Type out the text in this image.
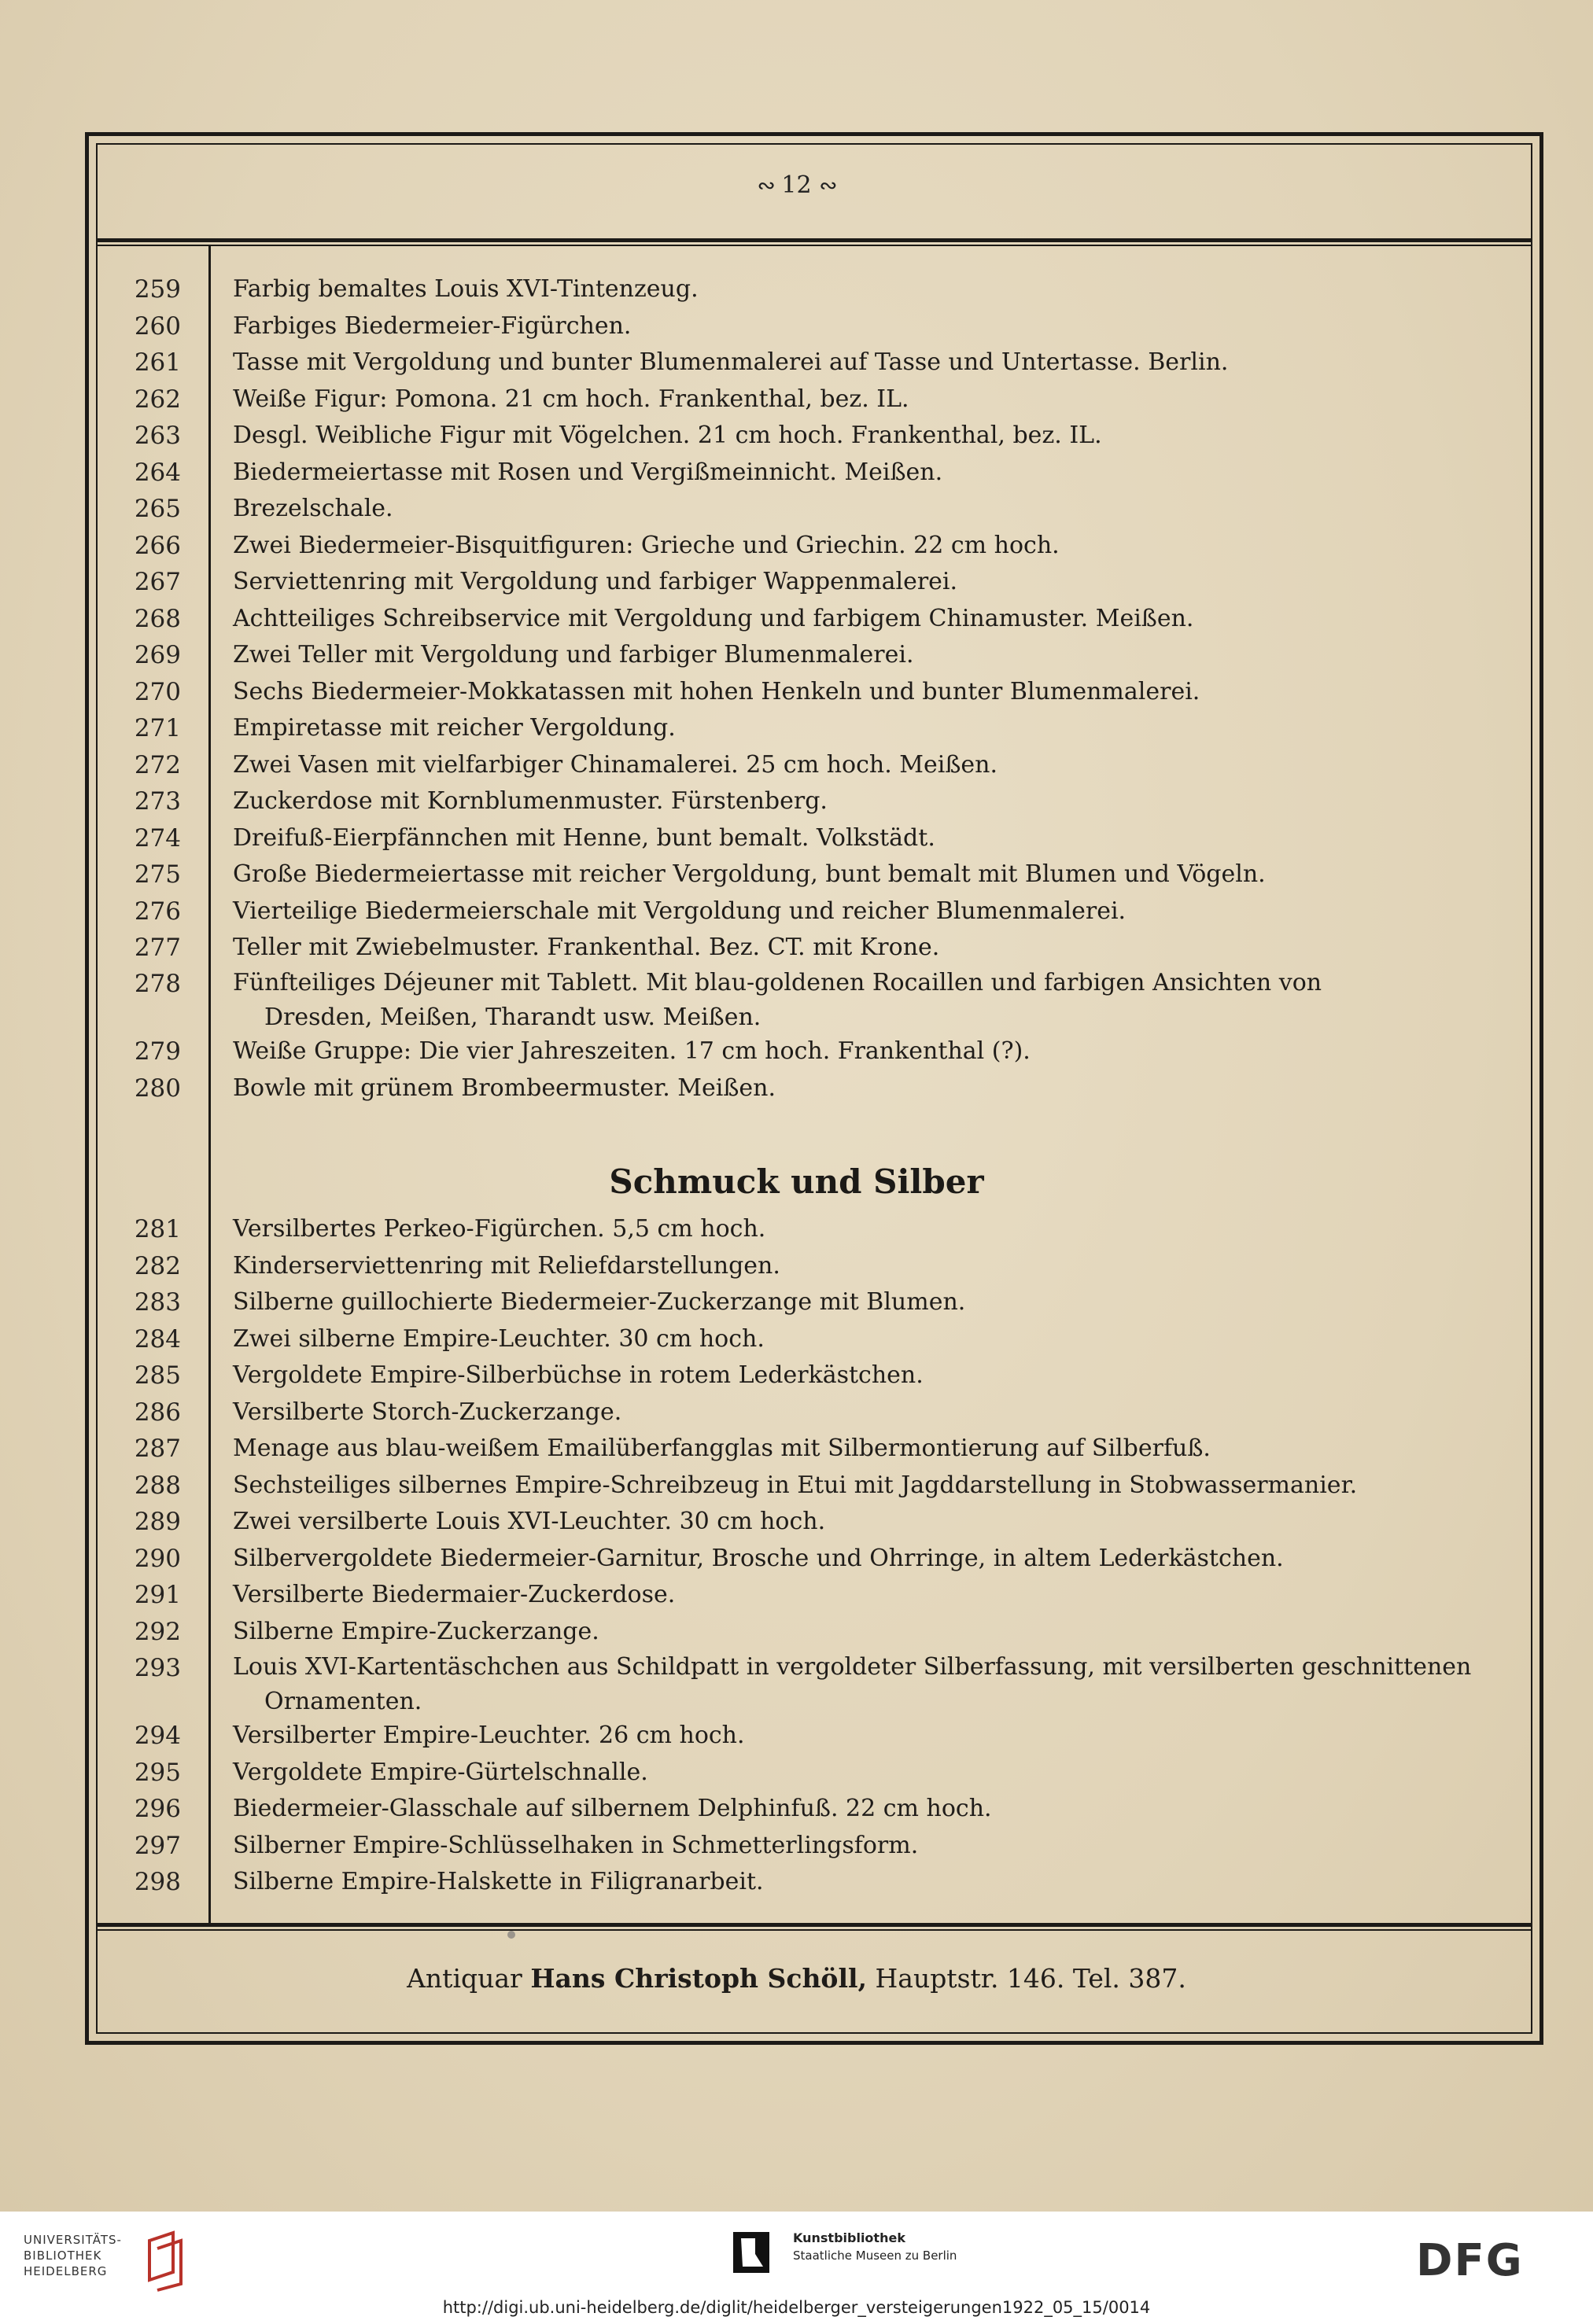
∾ 12 ∾
259 Farbig bemaltes Louis XVI-Tintenzeug.
260 Farbiges Biedermeier-Figürchen.
261 Tasse mit Vergoldung und bunter Blumenmalerei auf Tasse und Untertasse. Berlin.
262 Weiße Figur: Pomona. 21 cm hoch. Frankenthal, bez. IL.
263 Desgl. Weibliche Figur mit Vögelchen. 21 cm hoch. Frankenthal, bez. IL.
264 Biedermeiertasse mit Rosen und Vergißmeinnicht. Meißen.
265 Brezelschale.
266 Zwei Biedermeier-Bisquitfiguren: Grieche und Griechin. 22 cm hoch.
267 Serviettenring mit Vergoldung und farbiger Wappenmalerei.
268 Achtteiliges Schreibservice mit Vergoldung und farbigem Chinamuster. Meißen.
269 Zwei Teller mit Vergoldung und farbiger Blumenmalerei.
270 Sechs Biedermeier-Mokkatassen mit hohen Henkeln und bunter Blumenmalerei.
271 Empiretasse mit reicher Vergoldung.
272 Zwei Vasen mit vielfarbiger Chinamalerei. 25 cm hoch. Meißen.
273 Zuckerdose mit Kornblumenmuster. Fürstenberg.
274 Dreifuß-Eierpfännchen mit Henne, bunt bemalt. Volkstädt.
275 Große Biedermeiertasse mit reicher Vergoldung, bunt bemalt mit Blumen und Vögeln.
276 Vierteilige Biedermeierschale mit Vergoldung und reicher Blumenmalerei.
277 Teller mit Zwiebelmuster. Frankenthal. Bez. CT. mit Krone.
278 Fünfteiliges Déjeuner mit Tablett. Mit blau-goldenen Rocaillen und farbigen Ansichten von
Dresden, Meißen, Tharandt usw. Meißen.
279 Weiße Gruppe: Die vier Jahreszeiten. 17 cm hoch. Frankenthal (?).
280 Bowle mit grünem Brombeermuster. Meißen.
Schmuck und Silber
281 Versilbertes Perkeo-Figürchen. 5,5 cm hoch.
282 Kinderserviettenring mit Reliefdarstellungen.
283 Silberne guillochierte Biedermeier-Zuckerzange mit Blumen.
284 Zwei silberne Empire-Leuchter. 30 cm hoch.
285 Vergoldete Empire-Silberbüchse in rotem Lederkästchen.
286 Versilberte Storch-Zuckerzange.
287 Menage aus blau-weißem Emailüberfangglas mit Silbermontierung auf Silberfuß.
288 Sechsteiliges silbernes Empire-Schreibzeug in Etui mit Jagddarstellung in Stobwassermanier.
289 Zwei versilberte Louis XVI-Leuchter. 30 cm hoch.
290 Silbervergoldete Biedermeier-Garnitur, Brosche und Ohrringe, in altem Lederkästchen.
291 Versilberte Biedermaier-Zuckerdose.
292 Silberne Empire-Zuckerzange.
293 Louis XVI-Kartentäschchen aus Schildpatt in vergoldeter Silberfassung, mit versilberten geschnittenen
Ornamenten.
294 Versilberter Empire-Leuchter. 26 cm hoch.
295 Vergoldete Empire-Gürtelschnalle.
296 Biedermeier-Glasschale auf silbernem Delphinfuß. 22 cm hoch.
297 Silberner Empire-Schlüsselhaken in Schmetterlingsform.
298 Silberne Empire-Halskette in Filigranarbeit.
Antiquar Hans Christoph Schöll, Hauptstr. 146. Tel. 387.
UNIVERSITÄTS-
BIBLIOTHEK
HEIDELBERG
Kunstbibliothek
Staatliche Museen zu Berlin	DFG
http://digi.ub.uni-heidelberg.de/diglit/heidelberger_versteigerungen1922_05_15/0014
